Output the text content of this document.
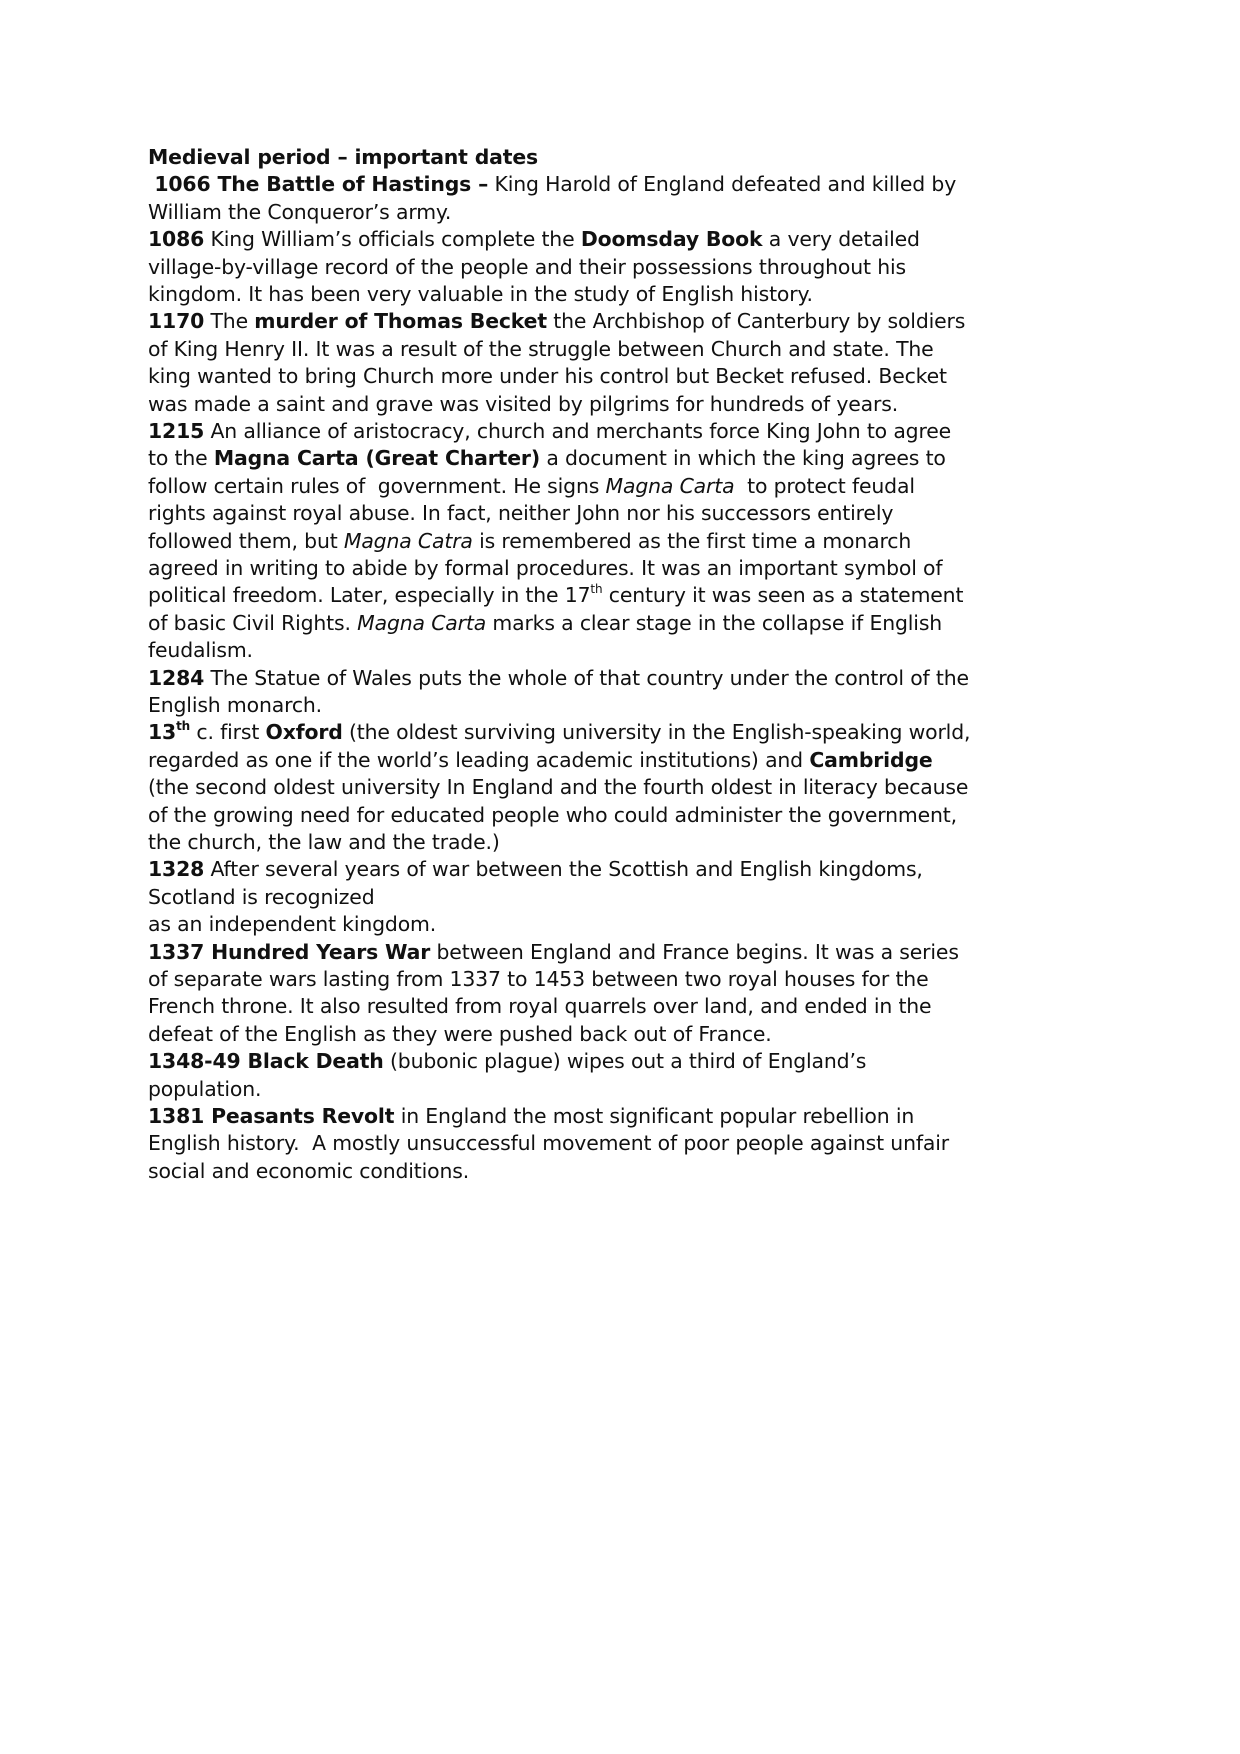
Medieval period – important dates
1066 The Battle of Hastings – King Harold of England defeated and killed by
William the Conqueror’s army.
1086 King William’s officials complete the Doomsday Book a very detailed
village-by-village record of the people and their possessions throughout his
kingdom. It has been very valuable in the study of English history.
1170 The murder of Thomas Becket the Archbishop of Canterbury by soldiers
of King Henry II. It was a result of the struggle between Church and state. The
king wanted to bring Church more under his control but Becket refused. Becket
was made a saint and grave was visited by pilgrims for hundreds of years.
1215 An alliance of aristocracy, church and merchants force King John to agree
to the Magna Carta (Great Charter) a document in which the king agrees to
follow certain rules of  government. He signs Magna Carta  to protect feudal
rights against royal abuse. In fact, neither John nor his successors entirely
followed them, but Magna Catra is remembered as the first time a monarch
agreed in writing to abide by formal procedures. It was an important symbol of
political freedom. Later, especially in the 17th century it was seen as a statement
of basic Civil Rights. Magna Carta marks a clear stage in the collapse if English
feudalism.
1284 The Statue of Wales puts the whole of that country under the control of the
English monarch.
13th c. first Oxford (the oldest surviving university in the English-speaking world,
regarded as one if the world’s leading academic institutions) and Cambridge
(the second oldest university In England and the fourth oldest in literacy because
of the growing need for educated people who could administer the government,
the church, the law and the trade.)
1328 After several years of war between the Scottish and English kingdoms,
Scotland is recognized
as an independent kingdom.
1337 Hundred Years War between England and France begins. It was a series
of separate wars lasting from 1337 to 1453 between two royal houses for the
French throne. It also resulted from royal quarrels over land, and ended in the
defeat of the English as they were pushed back out of France.
1348-49 Black Death (bubonic plague) wipes out a third of England’s
population.
1381 Peasants Revolt in England the most significant popular rebellion in
English history.  A mostly unsuccessful movement of poor people against unfair
social and economic conditions.
